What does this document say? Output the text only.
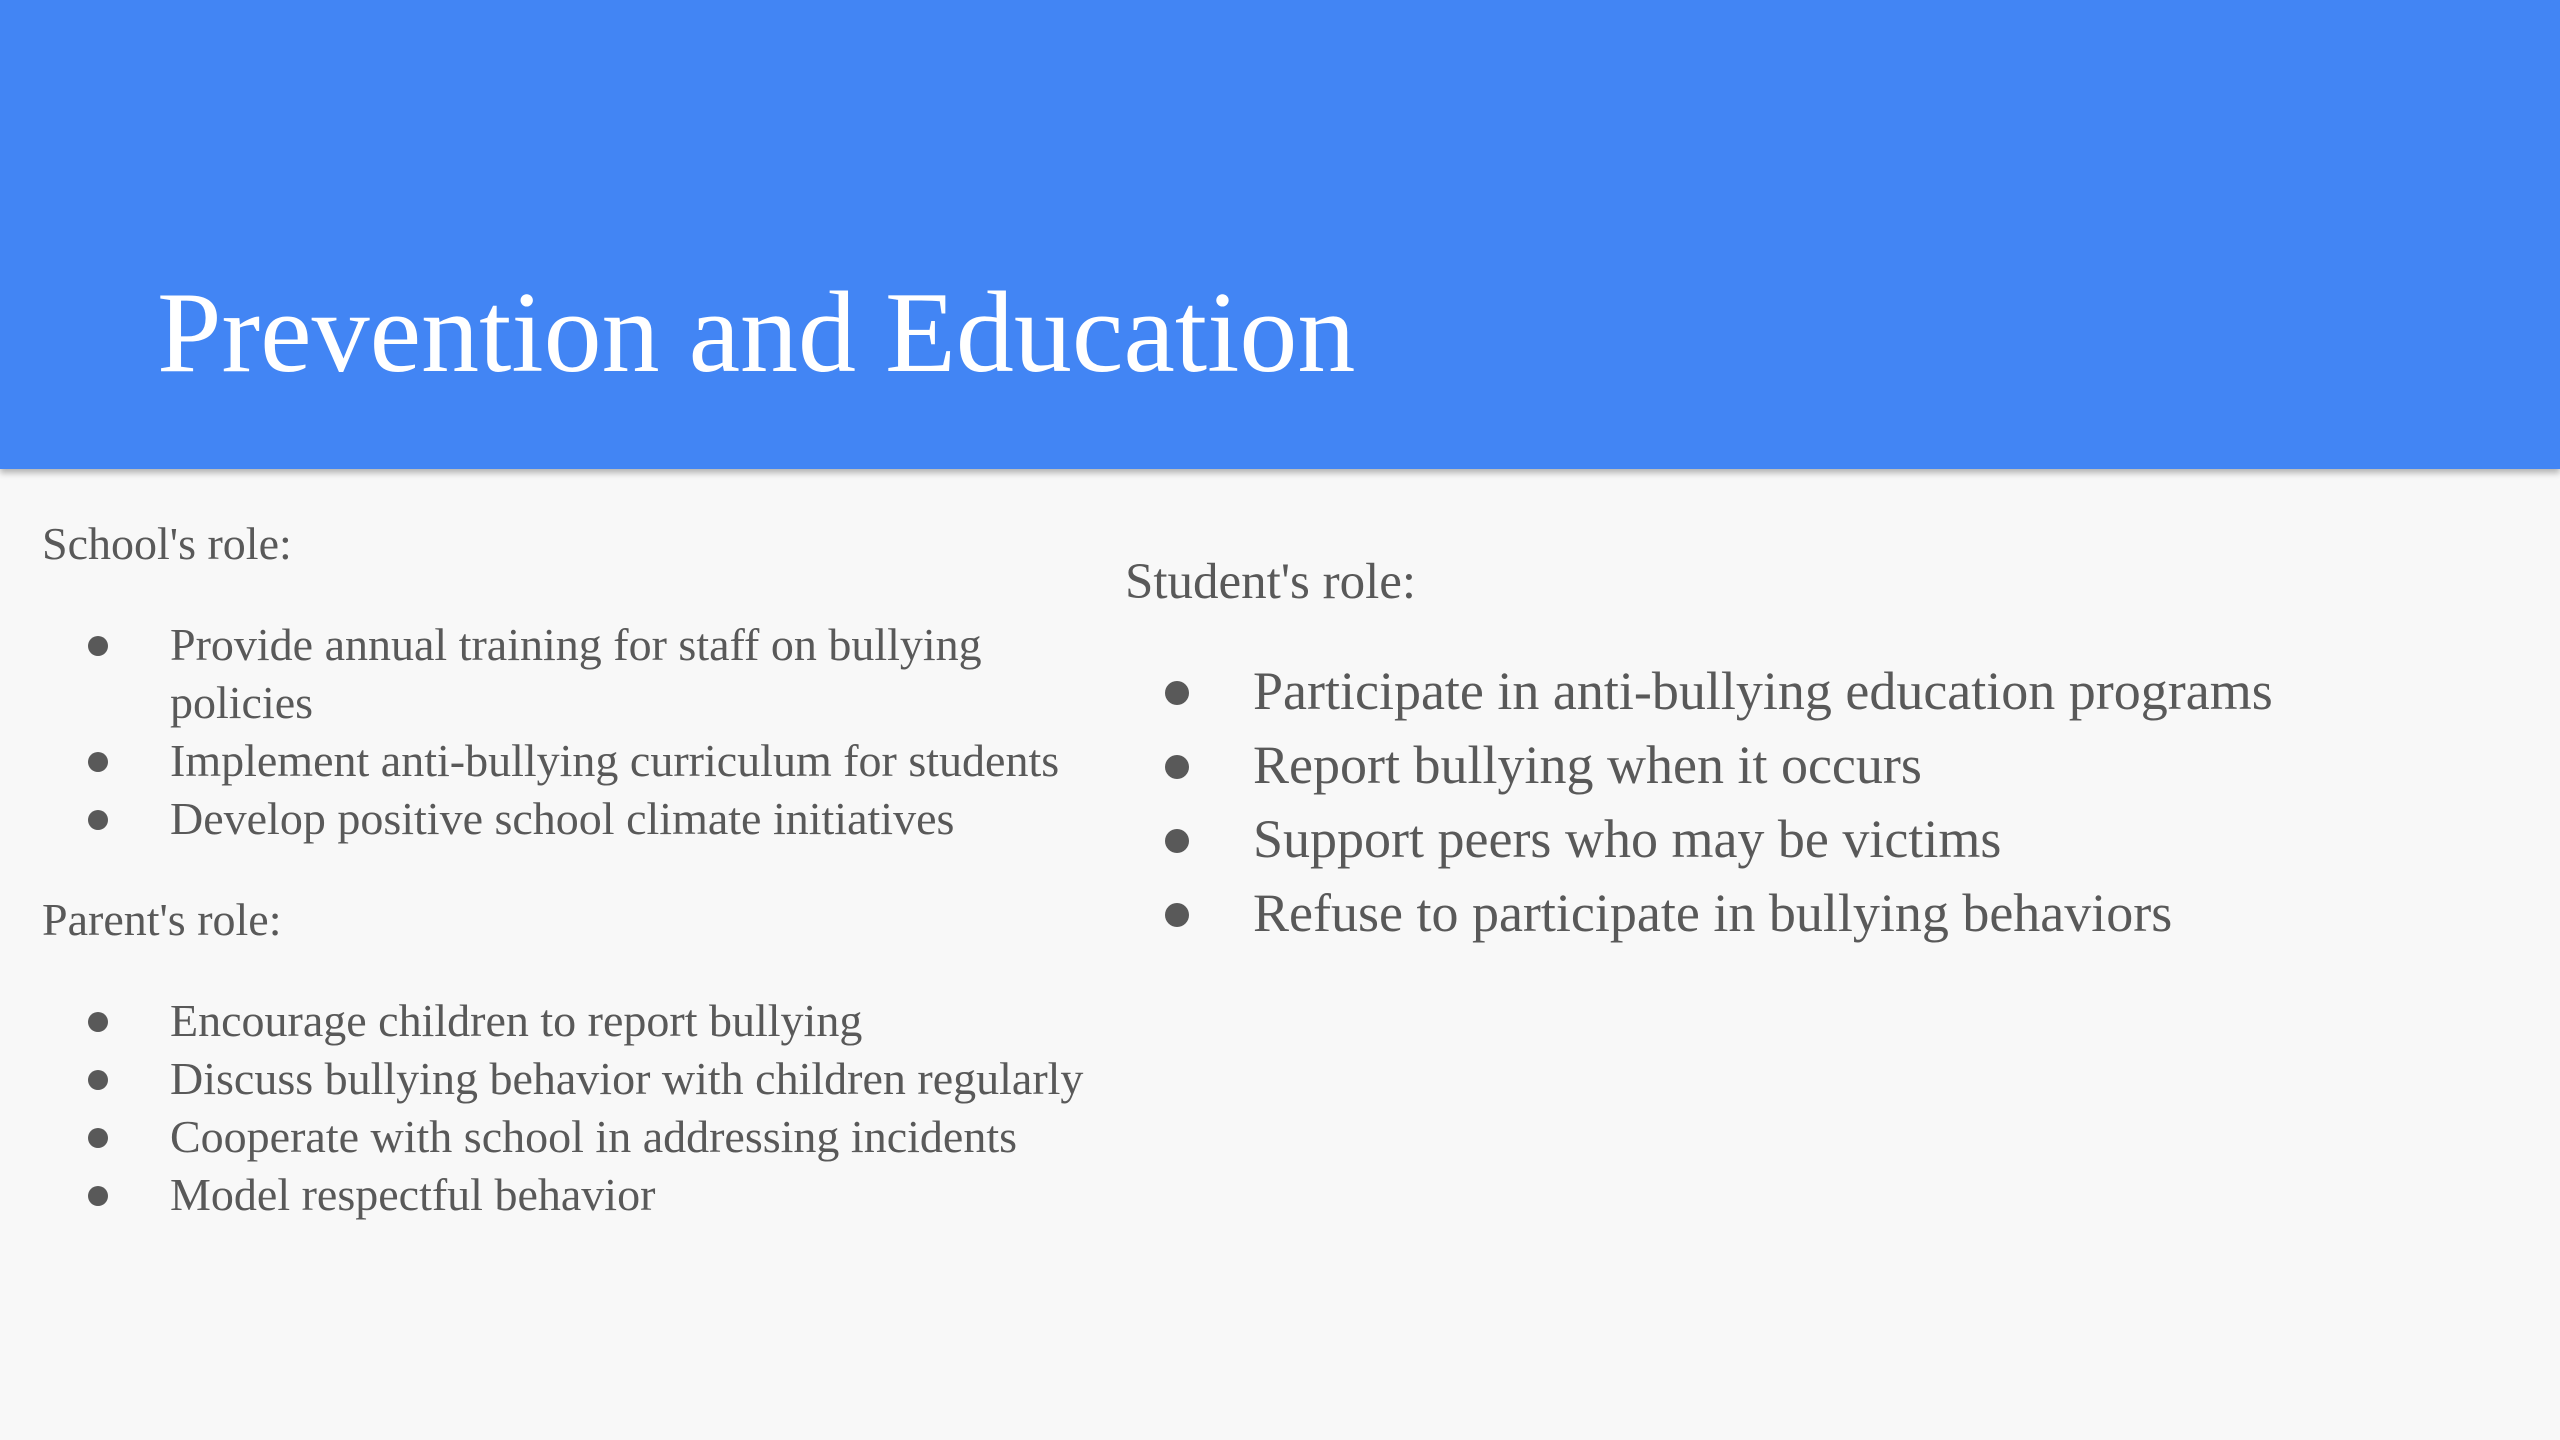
Prevention and Education
School's role:
Provide annual training for staff on bullying policies
Implement anti-bullying curriculum for students
Develop positive school climate initiatives
Parent's role:
Encourage children to report bullying
Discuss bullying behavior with children regularly
Cooperate with school in addressing incidents
Model respectful behavior
Student's role:
Participate in anti-bullying education programs
Report bullying when it occurs
Support peers who may be victims
Refuse to participate in bullying behaviors
